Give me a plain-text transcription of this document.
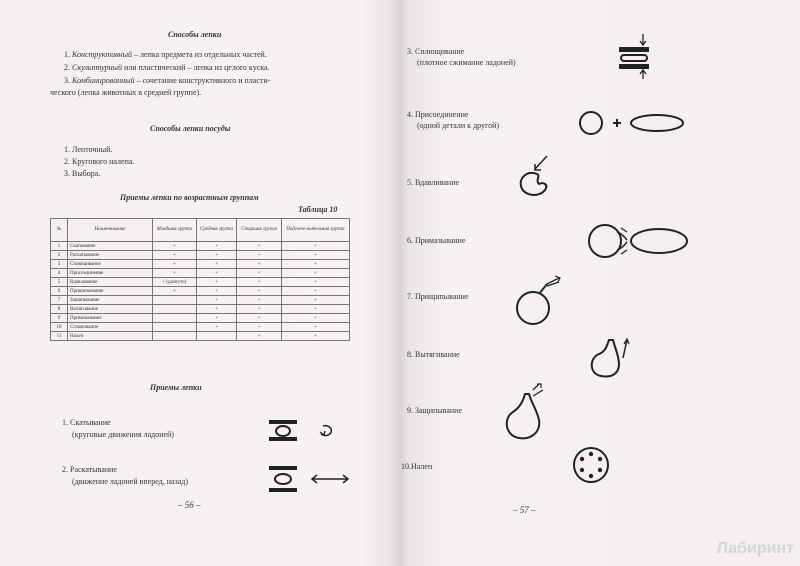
Способы лепки
1. Конструктивный – лепка предмета из отдельных частей.
2. Скульптурный или пластический – лепка из целого куска.
3. Комбинированный – сочетание конструктивного и пласти-
ческого (лепка животных в средней группе).
Способы лепки посуды
1. Ленточный.
2. Кругового налепа.
3. Выбора.
Приемы лепки по возрастным группам
Таблица 10
№	Наименование	Младшая группа	Средняя группа	Старшая группа	Подгото-вительная группа
1	Скатывание	+	+	+	+
2	Раскатывание	+	+	+	+
3	Сплющивание	+	+	+	+
4	Присоединение	+	+	+	+
5	Вдавливание	+ (дазнуто)	+	+	+
6	Прищипывание	+	+	+	+
7	Защипывание		+	+	+
8	Вытягивание		+	+	+
9	Примазывание		+	+	+
10	Сглаживание		+	+	+
11	Налеп			+	+
Приемы лепки
1. Скатывание
(круговые движения ладоней)
2. Раскатывание
(движение ладоней вперед, назад)
– 56 –
3. Сплющивание
(плотное сжимание ладоней)
4. Присоединение
(одной детали к другой)
5. Вдавливание
6. Примазывание
7. Прищипывание
8. Вытягивание
9. Защипывание
10.Налеп
– 57 –
Лабиринт
